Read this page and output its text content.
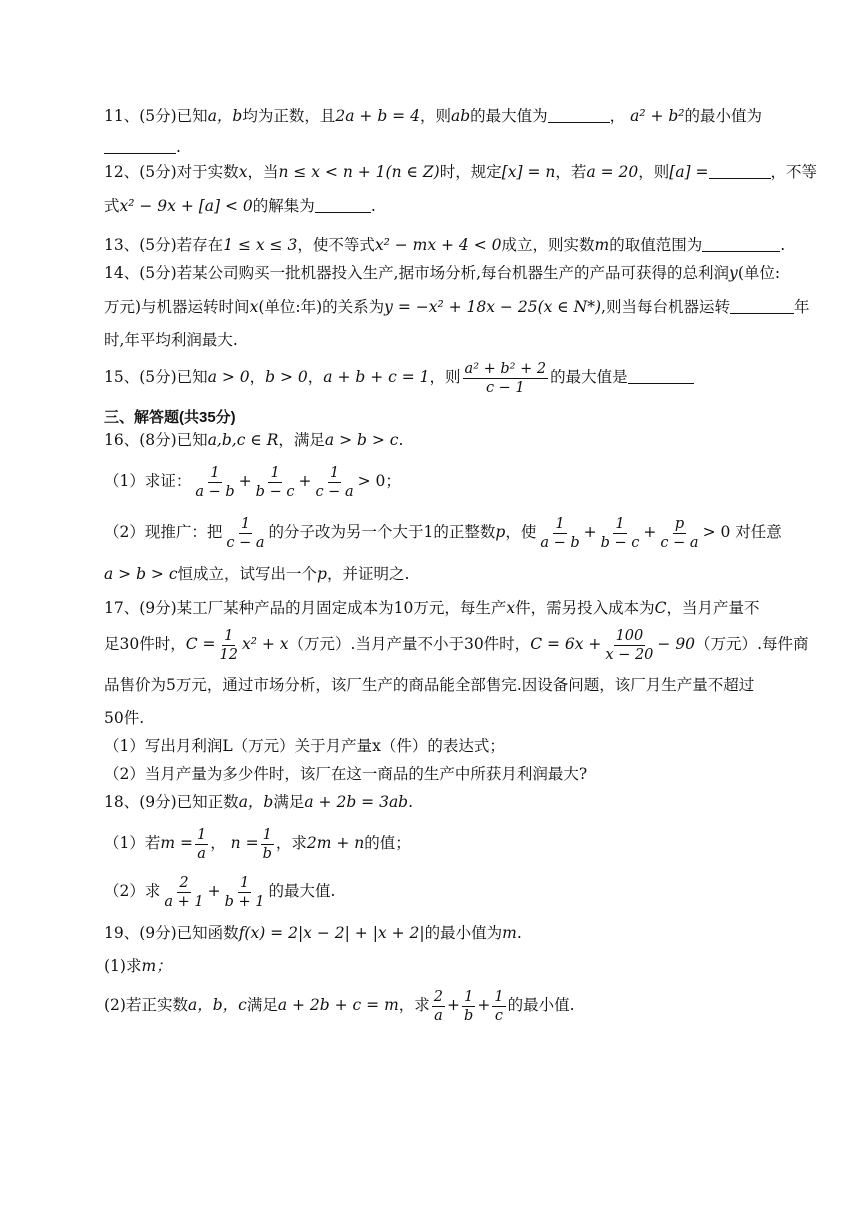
11、(5分)已知a，b均为正数，且2a + b = 4，则ab的最大值为	， a² + b²的最小值为
.
12、(5分)对于实数x，当n ≤ x < n + 1(n ∈ Z)时，规定[x] = n，若a = 20，则[a] =	，不等
式x² − 9x + [a] < 0的解集为	.
13、(5分)若存在1 ≤ x ≤ 3，使不等式x² − mx + 4 < 0成立，则实数m的取值范围为	.
14、(5分)若某公司购买一批机器投入生产,据市场分析,每台机器生产的产品可获得的总利润y(单位:
万元)与机器运转时间x(单位:年)的关系为y = −x² + 18x − 25(x ∈ N*),则当每台机器运转	年
时,年平均利润最大.
15、(5分)已知a > 0，b > 0，a + b + c = 1，则 $\frac{\text{a² + b² + 2}}{c - 1}$ 的最大值是
三、解答题(共35分)
16、(8分)已知a,b,c ∈ R，满足a > b > c.
（1）求证： $\frac{1}{a - b} + \frac{1}{b - c} + \frac{1}{c - a} > 0$；
（2）现推广：把 $\frac{1}{c - a}$ 的分子改为另一个大于1的正整数p，使 $\frac{1}{a - b} + \frac{1}{b - c} + \frac{p}{c - a} > 0$ 对任意
a > b > c恒成立，试写出一个p，并证明之.
17、(9分)某工厂某种产品的月固定成本为10万元，每生产x件，需另投入成本为C，当月产量不
足30件时，$C = \frac{1}{12} x^2 + x$（万元）.当月产量不小于30件时，$C = 6x + \frac{100}{x - 20} - 90$（万元）.每件商
品售价为5万元，通过市场分析，该厂生产的商品能全部售完.因设备问题，该厂月生产量不超过
50件.
（1）写出月利润L（万元）关于月产量x（件）的表达式；
（2）当月产量为多少件时，该厂在这一商品的生产中所获月利润最大?
18、(9分)已知正数a，b满足a + 2b = 3ab.
（1）若$m = \frac{1}{a}$ ， $n = \frac{1}{b}$ ，求2m + n的值；
（2）求 $\frac{2}{a + 1} + \frac{1}{b + 1}$ 的最大值.
19、(9分)已知函数f(x) = 2|x − 2| + |x + 2|的最小值为m.
(1)求m；
(2)若正实数a，b，c满足a + 2b + c = m，求 $\frac{2}{a} + \frac{1}{b} + \frac{1}{c}$ 的最小值.
